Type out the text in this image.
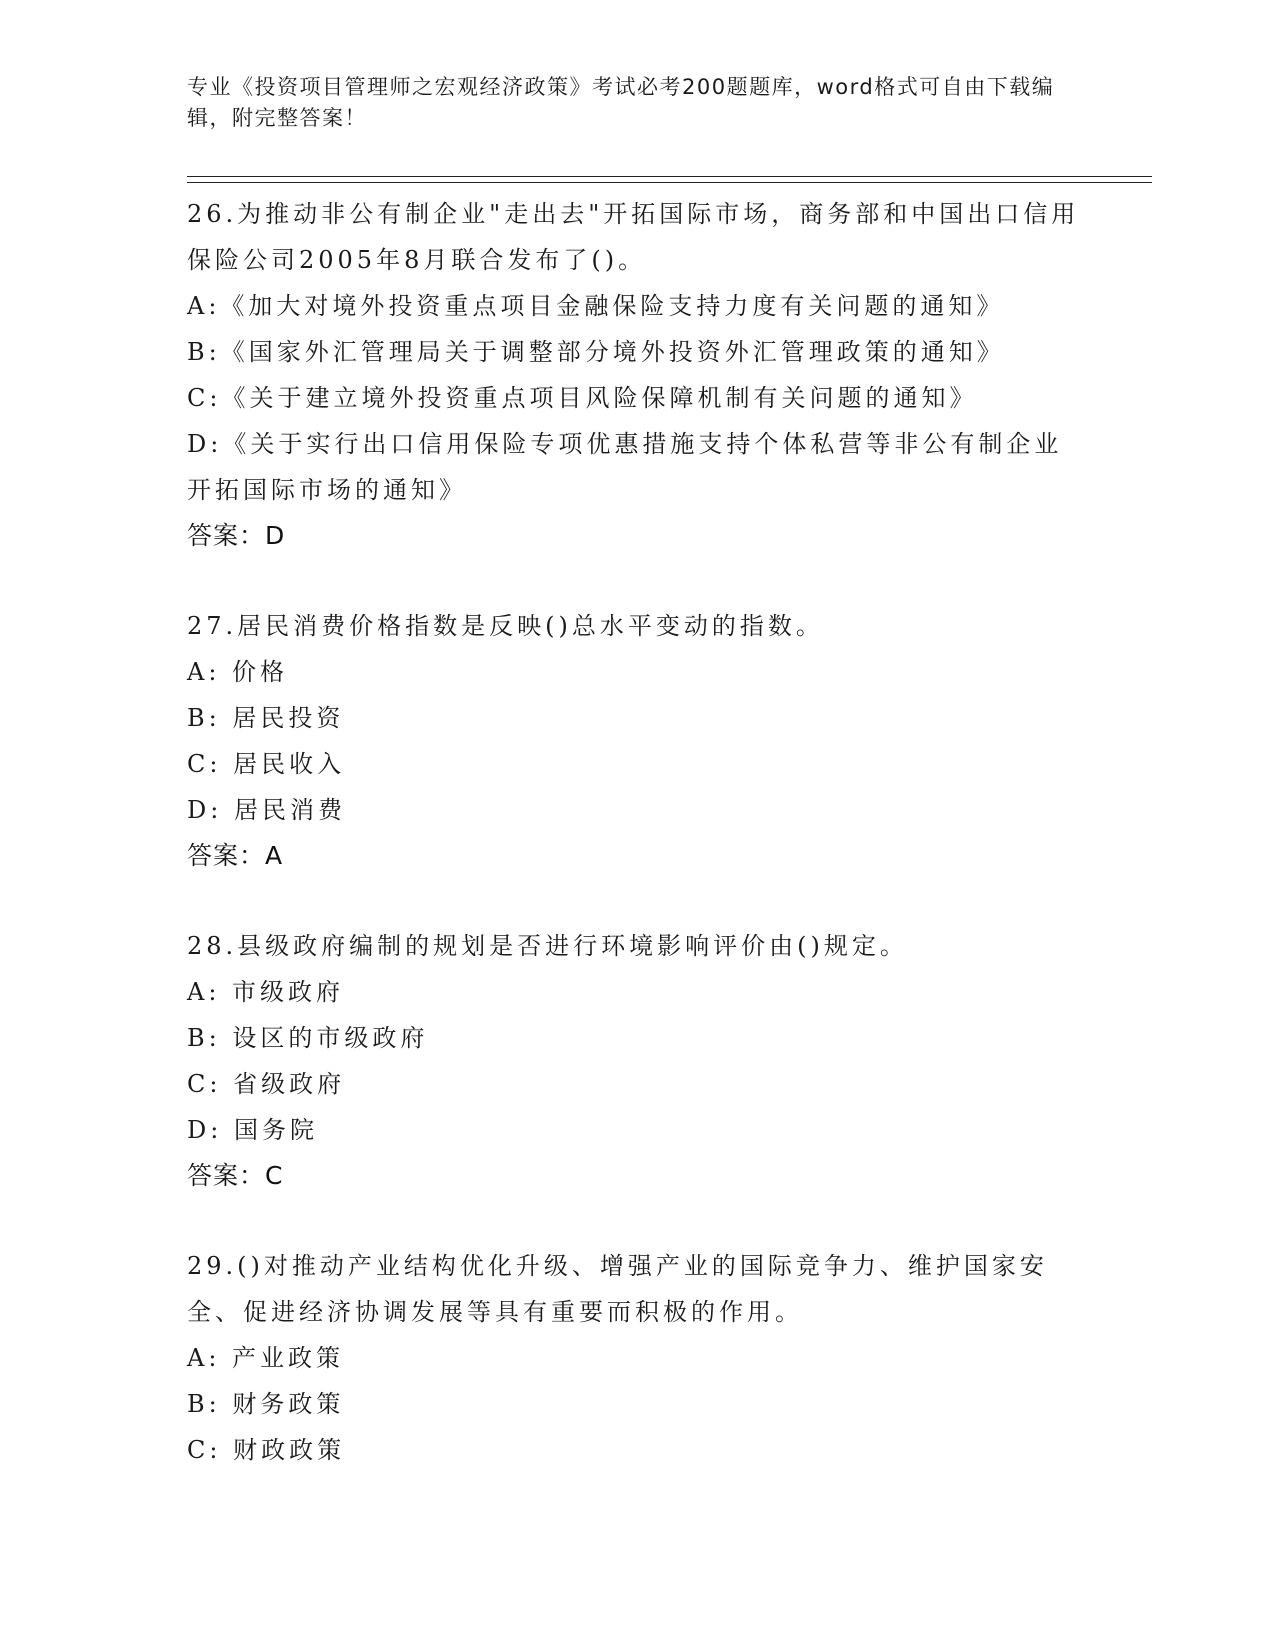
专业《投资项目管理师之宏观经济政策》考试必考200题题库，word格式可自由下载编辑，附完整答案！
26.为推动非公有制企业"走出去"开拓国际市场，商务部和中国出口信用保险公司2005年8月联合发布了()。
A:《加大对境外投资重点项目金融保险支持力度有关问题的通知》
B:《国家外汇管理局关于调整部分境外投资外汇管理政策的通知》
C:《关于建立境外投资重点项目风险保障机制有关问题的通知》
D:《关于实行出口信用保险专项优惠措施支持个体私营等非公有制企业开拓国际市场的通知》
答案：D
27.居民消费价格指数是反映()总水平变动的指数。
A: 价格
B: 居民投资
C: 居民收入
D: 居民消费
答案：A
28.县级政府编制的规划是否进行环境影响评价由()规定。
A: 市级政府
B: 设区的市级政府
C: 省级政府
D: 国务院
答案：C
29.()对推动产业结构优化升级、增强产业的国际竞争力、维护国家安全、促进经济协调发展等具有重要而积极的作用。
A: 产业政策
B: 财务政策
C: 财政政策
